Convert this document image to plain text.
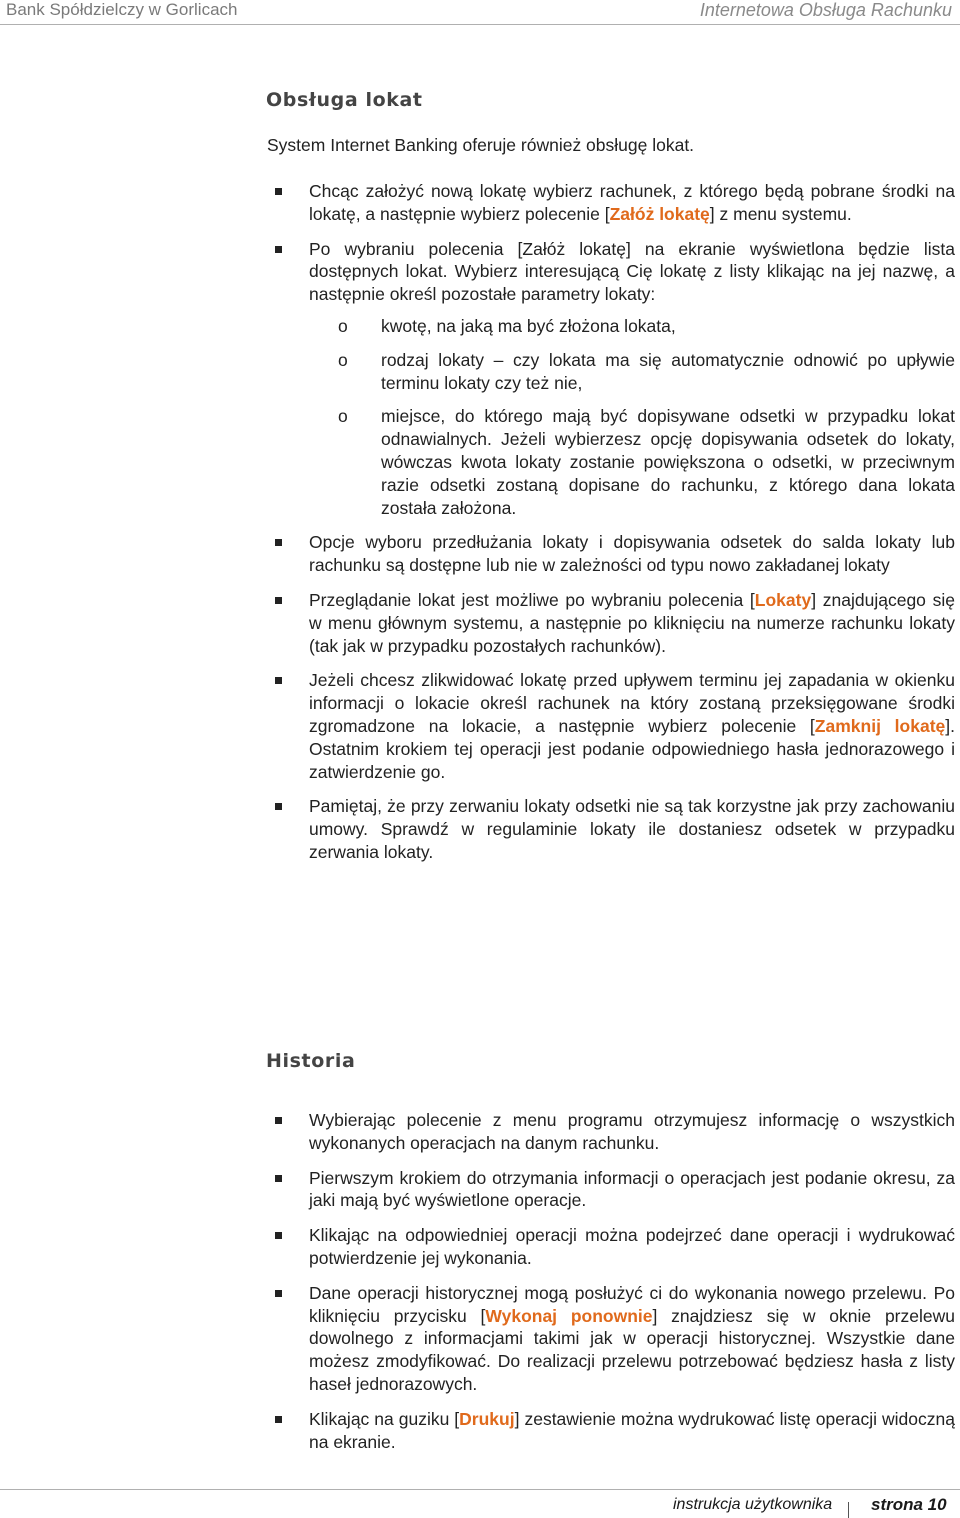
Bank Spółdzielczy w Gorlicach	Internetowa Obsługa Rachunku
Obsługa lokat

System Internet Banking oferuje również obsługę lokat.

Chcąc założyć nową lokatę wybierz rachunek, z którego będą pobrane środki na lokatę, a następnie wybierz polecenie [Załóż lokatę] z menu systemu.
Po wybraniu polecenia [Załóż lokatę] na ekranie wyświetlona będzie lista dostępnych lokat. Wybierz interesującą Cię lokatę z listy klikając na jej nazwę, a następnie określ pozostałe parametry lokaty:
o kwotę, na jaką ma być złożona lokata,
o rodzaj lokaty – czy lokata ma się automatycznie odnowić po upływie terminu lokaty czy też nie,
o miejsce, do którego mają być dopisywane odsetki w przypadku lokat odnawialnych. Jeżeli wybierzesz opcję dopisywania odsetek do lokaty, wówczas kwota lokaty zostanie powiększona o odsetki, w przeciwnym razie odsetki zostaną dopisane do rachunku, z którego dana lokata została założona.
Opcje wyboru przedłużania lokaty i dopisywania odsetek do salda lokaty lub rachunku są dostępne lub nie w zależności od typu nowo zakładanej lokaty
Przeglądanie lokat jest możliwe po wybraniu polecenia [Lokaty] znajdującego się w menu głównym systemu, a następnie po kliknięciu na numerze rachunku lokaty (tak jak w przypadku pozostałych rachunków).
Jeżeli chcesz zlikwidować lokatę przed upływem terminu jej zapadania w okienku informacji o lokacie określ rachunek na który zostaną przeksięgowane środki zgromadzone na lokacie, a następnie wybierz polecenie [Zamknij lokatę]. Ostatnim krokiem tej operacji jest podanie odpowiedniego hasła jednorazowego i zatwierdzenie go.
Pamiętaj, że przy zerwaniu lokaty odsetki nie są tak korzystne jak przy zachowaniu umowy. Sprawdź w regulaminie lokaty ile dostaniesz odsetek w przypadku zerwania lokaty.
Historia
Wybierając polecenie z menu programu otrzymujesz informację o wszystkich wykonanych operacjach na danym rachunku.
Pierwszym krokiem do otrzymania informacji o operacjach jest podanie okresu, za jaki mają być wyświetlone operacje.
Klikając na odpowiedniej operacji można podejrzeć dane operacji i wydrukować potwierdzenie jej wykonania.
Dane operacji historycznej mogą posłużyć ci do wykonania nowego przelewu. Po kliknięciu przycisku [Wykonaj ponownie] znajdziesz się w oknie przelewu dowolnego z informacjami takimi jak w operacji historycznej. Wszystkie dane możesz zmodyfikować. Do realizacji przelewu potrzebować będziesz hasła z listy haseł jednorazowych.
Klikając na guziku [Drukuj] zestawienie można wydrukować listę operacji widoczną na ekranie.
instrukcja użytkownika strona 10
